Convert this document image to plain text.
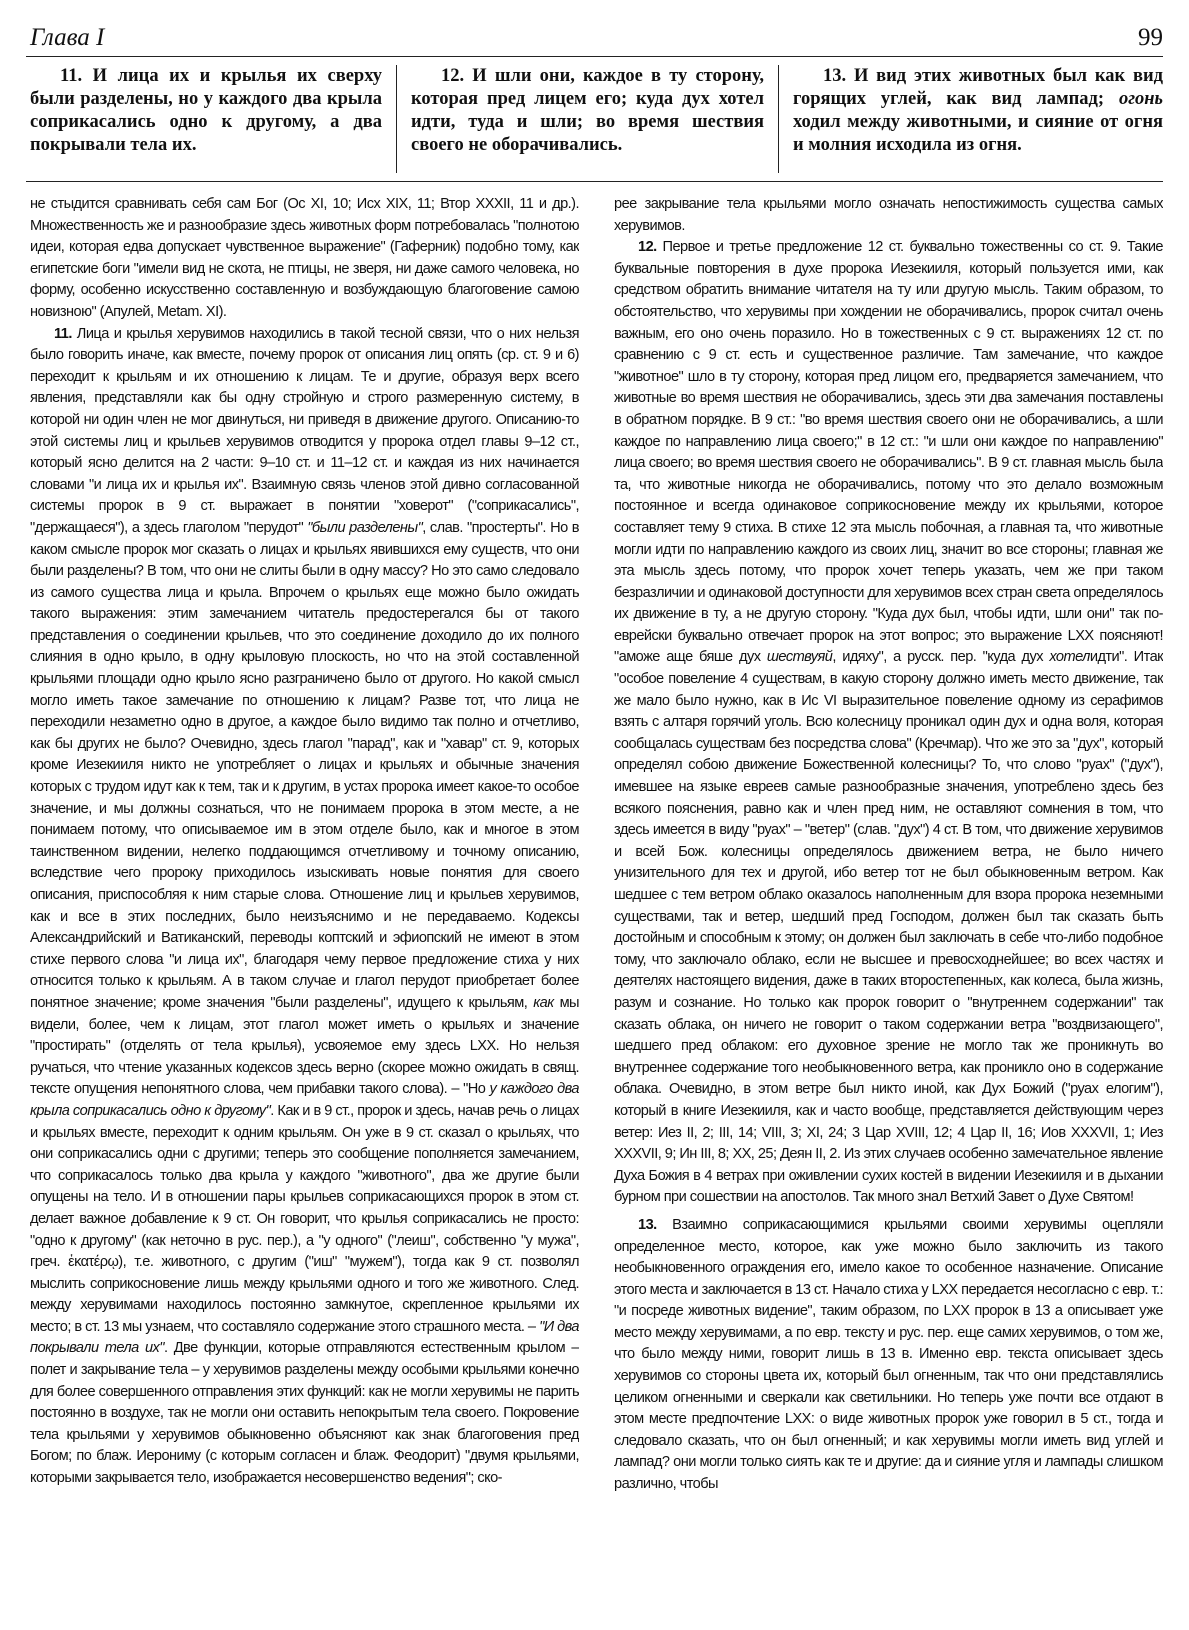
Глава I	99
11. И лица их и крылья их сверху были разделены, но у каждого два крыла соприкасались одно к другому, а два покрывали тела их.
12. И шли они, каждое в ту сторону, которая пред лицем его; куда дух хотел идти, туда и шли; во время шествия своего не оборачивались.
13. И вид этих животных был как вид горящих углей, как вид лампад; огонь ходил между животными, и сияние от огня и молния исходила из огня.

не стыдится сравнивать себя сам Бог (Ос XI, 10; Исх XIX, 11; Втор XXXII, 11 и др.). Множественность же и разнообразие здесь животных форм потребовалась "полнотою идеи, которая едва допускает чувственное выражение" (Гаферник) подобно тому, как египетские боги "имели вид не скота, не птицы, не зверя, ни даже самого человека, но форму, особенно искусственно составленную и возбуждающую благоговение самою новизною" (Апулей, Metam. XI).

11. Лица и крылья херувимов находились в такой тесной связи, что о них нельзя было говорить иначе, как вместе, почему пророк от описания лиц опять (ср. ст. 9 и 6) переходит к крыльям и их отношению к лицам. Те и другие, образуя верх всего явления, представляли как бы одну стройную и строго размеренную систему, в которой ни один член не мог двинуться, ни приведя в движение другого. Описанию-то этой системы лиц и крыльев херувимов отводится у пророка отдел главы 9–12 ст., который ясно делится на 2 части: 9–10 ст. и 11–12 ст. и каждая из них начинается словами "и лица их и крылья их". Взаимную связь членов этой дивно согласованной системы пророк в 9 ст. выражает в понятии "ховерот" ("соприкасались", "держащаеся"), а здесь глаголом "перудот" "были разделены", слав. "простерты". Но в каком смысле пророк мог сказать о лицах и крыльях явившихся ему существ, что они были разделены? В том, что они не слиты были в одну массу? Но это само следовало из самого существа лица и крыла. Впрочем о крыльях еще можно было ожидать такого выражения: этим замечанием читатель предостерегался бы от такого представления о соединении крыльев, что это соединение доходило до их полного слияния в одно крыло, в одну крыловую плоскость, но что на этой составленной крыльями площади одно крыло ясно разграничено было от другого. Но какой смысл могло иметь такое замечание по отношению к лицам? Разве тот, что лица не переходили незаметно одно в другое, а каждое было видимо так полно и отчетливо, как бы других не было? Очевидно, здесь глагол "парад", как и "хавар" ст. 9, которых кроме Иезекииля никто не употребляет о лицах и крыльях и обычные значения которых с трудом идут как к тем, так и к другим, в устах пророка имеет какое-то особое значение, и мы должны сознаться, что не понимаем пророка в этом месте, а не понимаем потому, что описываемое им в этом отделе было, как и многое в этом таинственном видении, нелегко поддающимся отчетливому и точному описанию, вследствие чего пророку приходилось изыскивать новые понятия для своего описания, приспособляя к ним старые слова. Отношение лиц и крыльев херувимов, как и все в этих последних, было неизъяснимо и не передаваемо. Кодексы Александрийский и Ватиканский, переводы коптский и эфиопский не имеют в этом стихе первого слова "и лица их", благодаря чему первое предложение стиха у них относится только к крыльям. А в таком случае и глагол перудот приобретает более понятное значение; кроме значения "были разделены", идущего к крыльям, как мы видели, более, чем к лицам, этот глагол может иметь о крыльях и значение "простирать" (отделять от тела крылья), усвояемое ему здесь LXX. Но нельзя ручаться, что чтение указанных кодексов здесь верно (скорее можно ожидать в свящ. тексте опущения непонятного слова, чем прибавки такого слова). – "Но у каждого два крыла соприкасались одно к другому". Как и в 9 ст., пророк и здесь, начав речь о лицах и крыльях вместе, переходит к одним крыльям. Он уже в 9 ст. сказал о крыльях, что они соприкасались одни с другими; теперь это сообщение пополняется замечанием, что соприкасалось только два крыла у каждого "животного", два же другие были опущены на тело. И в отношении пары крыльев соприкасающихся пророк в этом ст. делает важное добавление к 9 ст. Он говорит, что крылья соприкасались не просто: "одно к другому" (как неточно в рус. пер.), а "у одного" ("леиш", собственно "у мужа", греч. ἑκατέρῳ), т.е. животного, с другим ("иш" "мужем"), тогда как 9 ст. позволял мыслить соприкосновение лишь между крыльями одного и того же животного. След. между херувимами находилось постоянно замкнутое, скрепленное крыльями их место; в ст. 13 мы узнаем, что составляло содержание этого страшного места. – "И два покрывали тела их". Две функции, которые отправляются естественным крылом – полет и закрывание тела – у херувимов разделены между особыми крыльями конечно для более совершенного отправления этих функций: как не могли херувимы не парить постоянно в воздухе, так не могли они оставить непокрытым тела своего. Покровение тела крыльями у херувимов обыкновенно объясняют как знак благоговения пред Богом; по блаж. Иерониму (с которым согласен и блаж. Феодорит) "двумя крыльями, которыми закрывается тело, изображается несовершенство ведения"; ско-

рее закрывание тела крыльями могло означать непостижимость существа самых херувимов.

12. Первое и третье предложение 12 ст. буквально тожественны со ст. 9. Такие буквальные повторения в духе пророка Иезекииля, который пользуется ими, как средством обратить внимание читателя на ту или другую мысль. Таким образом, то обстоятельство, что херувимы при хождении не оборачивались, пророк считал очень важным, его оно очень поразило. Но в тожественных с 9 ст. выражениях 12 ст. по сравнению с 9 ст. есть и существенное различие. Там замечание, что каждое "животное" шло в ту сторону, которая пред лицом его, предваряется замечанием, что животные во время шествия не оборачивались, здесь эти два замечания поставлены в обратном порядке. В 9 ст.: "во время шествия своего они не оборачивались, а шли каждое по направлению лица своего;" в 12 ст.: "и шли они каждое по направлению" лица своего; во время шествия своего не оборачивались". В 9 ст. главная мысль была та, что животные никогда не оборачивались, потому что это делало возможным постоянное и всегда одинаковое соприкосновение между их крыльями, которое составляет тему 9 стиха. В стихе 12 эта мысль побочная, а главная та, что животные могли идти по направлению каждого из своих лиц, значит во все стороны; главная же эта мысль здесь потому, что пророк хочет теперь указать, чем же при таком безразличии и одинаковой доступности для херувимов всех стран света определялось их движение в ту, а не другую сторону. "Куда дух был, чтобы идти, шли они" так по-еврейски буквально отвечает пророк на этот вопрос; это выражение LXX поясняют! "аможе аще бяше дух шествуяй, идяху", а русск. пер. "куда дух хотелидти". Итак "особое повеление 4 существам, в какую сторону должно иметь место движение, так же мало было нужно, как в Ис VI выразительное повеление одному из серафимов взять с алтаря горячий уголь. Всю колесницу проникал один дух и одна воля, которая сообщалась существам без посредства слова" (Кречмар). Что же это за "дух", который определял собою движение Божественной колесницы? То, что слово "руах" ("дух"), имевшее на языке евреев самые разнообразные значения, употреблено здесь без всякого пояснения, равно как и член пред ним, не оставляют сомнения в том, что здесь имеется в виду "руах" – "ветер" (слав. "дух") 4 ст. В том, что движение херувимов и всей Бож. колесницы определялось движением ветра, не было ничего унизительного для тех и другой, ибо ветер тот не был обыкновенным ветром. Как шедшее с тем ветром облако оказалось наполненным для взора пророка неземными существами, так и ветер, шедший пред Господом, должен был так сказать быть достойным и способным к этому; он должен был заключать в себе что-либо подобное тому, что заключало облако, если не высшее и превосходнейшее; во всех частях и деятелях настоящего видения, даже в таких второстепенных, как колеса, была жизнь, разум и сознание. Но только как пророк говорит о "внутреннем содержании" так сказать облака, он ничего не говорит о таком содержании ветра "воздвизающего", шедшего пред облаком: его духовное зрение не могло так же проникнуть во внутреннее содержание того необыкновенного ветра, как проникло оно в содержание облака. Очевидно, в этом ветре был никто иной, как Дух Божий ("руах елогим"), который в книге Иезекииля, как и часто вообще, представляется действующим через ветер: Иез II, 2; III, 14; VIII, 3; XI, 24; 3 Цар XVIII, 12; 4 Цар II, 16; Иов XXXVII, 1; Иез XXXVII, 9; Ин III, 8; XX, 25; Деян II, 2. Из этих случаев особенно замечательное явление Духа Божия в 4 ветрах при оживлении сухих костей в видении Иезекииля и в дыхании бурном при сошествии на апостолов. Так много знал Ветхий Завет о Духе Святом!

13. Взаимно соприкасающимися крыльями своими херувимы оцепляли определенное место, которое, как уже можно было заключить из такого необыкновенного ограждения его, имело какое то особенное назначение. Описание этого места и заключается в 13 ст. Начало стиха у LXX передается несогласно с евр. т.: "и посреде животных видение", таким образом, по LXX пророк в 13 а описывает уже место между херувимами, а по евр. тексту и рус. пер. еще самих херувимов, о том же, что было между ними, говорит лишь в 13 в. Именно евр. текста описывает здесь херувимов со стороны цвета их, который был огненным, так что они представлялись целиком огненными и сверкали как светильники. Но теперь уже почти все отдают в этом месте предпочтение LXX: о виде животных пророк уже говорил в 5 ст., тогда и следовало сказать, что он был огненный; и как херувимы могли иметь вид углей и лампад? они могли только сиять как те и другие: да и сияние угля и лампады слишком различно, чтобы
